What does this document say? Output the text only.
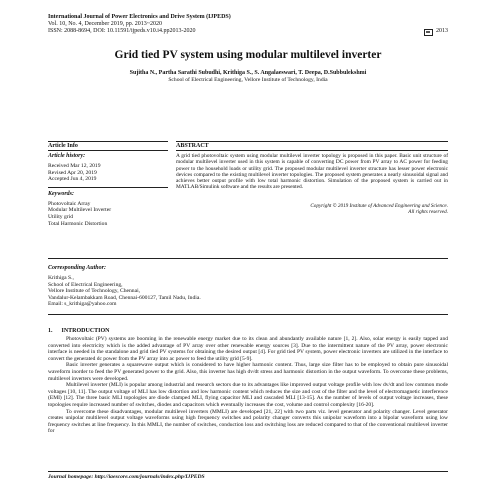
International Journal of Power Electronics and Drive System (IJPEDS)
Vol. 10, No. 4, December 2019, pp. 2013~2020
ISSN: 2088-8694, DOI: 10.11591/ijpeds.v10.i4.pp2013-2020	2013
Grid tied PV system using modular multilevel inverter
Sujitha N., Partha Sarathi Subudhi, Krithiga S., S. Angalaeswari, T. Deepa, D.Subbulekshmi
School of Electrical Engineering, Vellore Institute of Technology, India
Article Info
Article history:
Received Mar 12, 2019
Revised Apr 20, 2019
Accepted Jun 4, 2019
Keywords:
Photovoltaic Array
Modular Multilevel Inverter
Utility grid
Total Harmonic Distortion
ABSTRACT
A grid tied photovoltaic system using modular multilevel inverter topology is proposed in this paper. Basic unit structure of modular multilevel inverter used in this system is capable of converting DC power from PV array to AC power for feeding power to the household loads or utility grid. The proposed modular multilevel inverter structure has lesser power electronic devices compared to the existing multilevel inverter topologies. The proposed system generates a nearly sinusoidal signal and achieves better output profile with low total harmonic distortion. Simulation of the proposed system is carried out in MATLAB/Simulink software and the results are presented.
Copyright © 2019 Institute of Advanced Engineering and Science.
All rights reserved.
Corresponding Author:
Krithiga S.,
School of Electrical Engineering,
Vellore Institute of Technology, Chennai,
Vandalur-Kelambakkam Road, Chennai-600127, Tamil Nadu, India.
Email: s_krithiga@yahoo.com
1.      INTRODUCTION

Photovoltaic (PV) systems are booming in the renewable energy market due to its clean and abundantly available nature [1, 2]. Also, solar energy is easily tapped and converted into electricity which is the added advantage of PV array over other renewable energy sources [3]. Due to the intermittent nature of the PV array, power electronic interface is needed in the standalone and grid tied PV systems for obtaining the desired output [4]. For grid tied PV system, power electronic inverters are utilized in the interface to convert the generated dc power from the PV array into ac power to feed the utility grid [5-9].

Basic inverter generates a squarewave output which is considered to have higher harmonic content. Thus, large size filter has to be employed to obtain pure sinusoidal waveform inorder to feed the PV generated power to the grid. Also, this inverter has high dv/dt stress and harmonic distortion in the output waveform. To overcome these problems, multilevel inverters were developed.

Multilevel inverter (MLI) is popular among industrial and research sectors due to its advantages like improved output voltage profile with low dv/dt and low common mode voltages [10, 11]. The output voltage of MLI has low distortion and low harmonic content which reduces the size and cost of the filter and the level of electromagnetic interference (EMI) [12]. The three basic MLI topologies are diode clamped MLI, flying capacitor MLI and cascaded MLI [13-15]. As the number of levels of output voltage increases, these topologies require increased number of switches, diodes and capacitors which eventually increases the cost, volume and control complexity [16-20].

To overcome these disadvantages, modular multilevel inverters (MMLI) are developed [21, 22] with two parts viz. level generator and polarity changer. Level generator creates unipolar multilevel output voltage waveforms using high frequency switches and polarity changer converts this unipolar waveform into a bipolar waveform using low frequency switches at line frequency. In this MMLI, the number of switches, conduction loss and switching loss are reduced compared to that of the conventional multilevel inverter for

Journal homepage: http://iaescore.com/journals/index.php/IJPEDS
